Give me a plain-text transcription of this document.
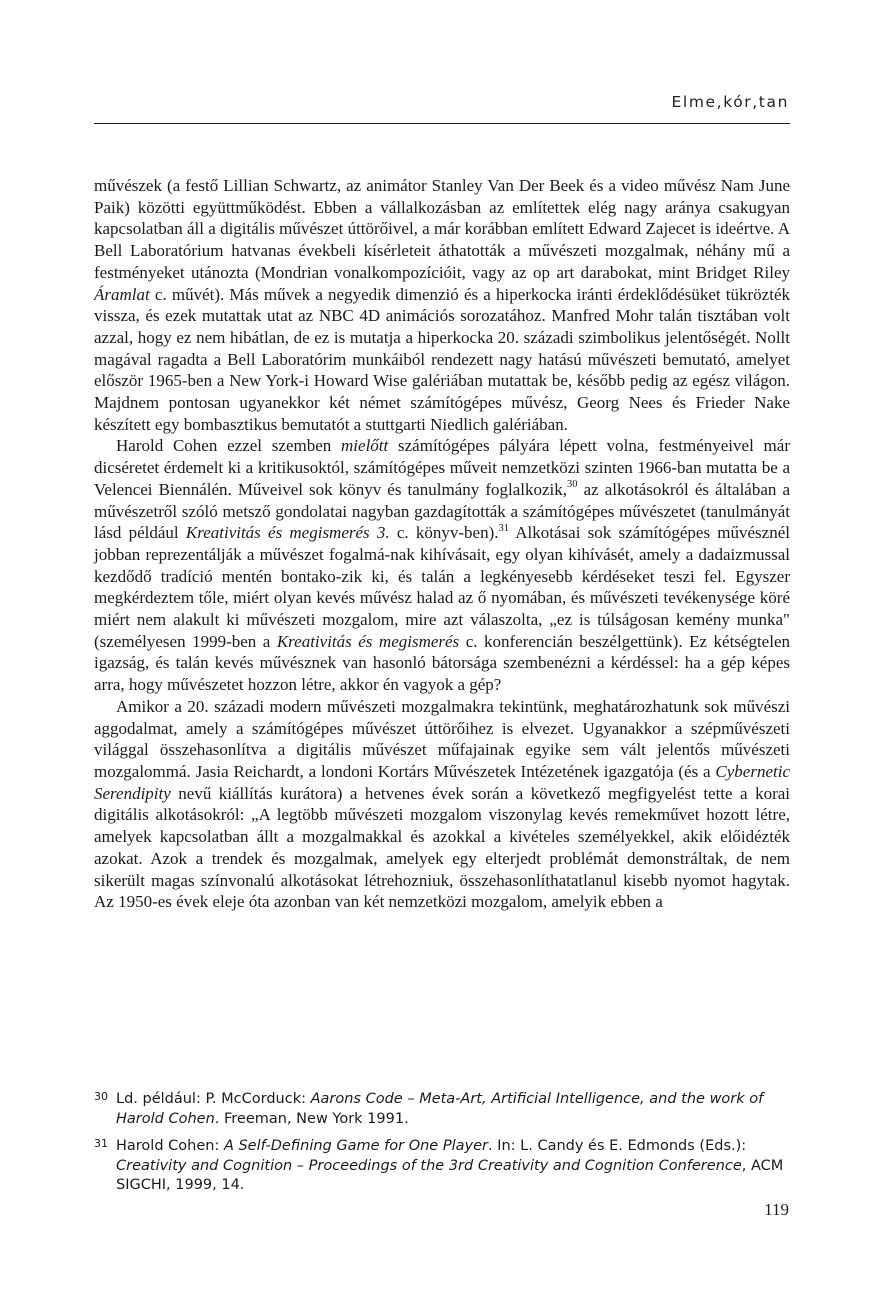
Elme,kór,tan

művészek (a festő Lillian Schwartz, az animátor Stanley Van Der Beek és a video művész Nam June Paik) közötti együttműködést. Ebben a vállalkozásban az említettek elég nagy aránya csakugyan kapcsolatban áll a digitális művészet úttörőivel, a már korábban említett Edward Zajecet is ideértve. A Bell Laboratórium hatvanas évekbeli kísérleteit áthatották a művészeti mozgalmak, néhány mű a festményeket utánozta (Mondrian vonalkompozícióit, vagy az op art darabokat, mint Bridget Riley Áramlat c. művét). Más művek a negyedik dimenzió és a hiperkocka iránti érdeklődésüket tükrözték vissza, és ezek mutattak utat az NBC 4D animációs sorozatához. Manfred Mohr talán tisztában volt azzal, hogy ez nem hibátlan, de ez is mutatja a hiperkocka 20. századi szimbolikus jelentőségét. Nollt magával ragadta a Bell Laboratórim munkáiból rendezett nagy hatású művészeti bemutató, amelyet először 1965-ben a New York-i Howard Wise galériában mutattak be, később pedig az egész világon. Majdnem pontosan ugyanekkor két német számítógépes művész, Georg Nees és Frieder Nake készített egy bombasztikus bemutatót a stuttgarti Niedlich galériában.

Harold Cohen ezzel szemben mielőtt számítógépes pályára lépett volna, festményeivel már dicséretet érdemelt ki a kritikusoktól, számítógépes műveit nemzetközi szinten 1966-ban mutatta be a Velencei Biennálén. Műveivel sok könyv és tanulmány foglalkozik,$^{30}$ az alkotásokról és általában a művészetről szóló metsző gondolatai nagyban gazdagították a számítógépes művészetet (tanulmányát lásd például Kreativitás és megismerés 3. c. könyv-ben).$^{31}$ Alkotásai sok számítógépes művésznél jobban reprezentálják a művészet fogalmá-nak kihívásait, egy olyan kihívásét, amely a dadaizmussal kezdődő tradíció mentén bontako-zik ki, és talán a legkényesebb kérdéseket teszi fel. Egyszer megkérdeztem tőle, miért olyan kevés művész halad az ő nyomában, és művészeti tevékenysége köré miért nem alakult ki művészeti mozgalom, mire azt válaszolta, „ez is túlságosan kemény munka" (személyesen 1999-ben a Kreativitás és megismerés c. konferencián beszélgettünk). Ez kétségtelen igazság, és talán kevés művésznek van hasonló bátorsága szembenézni a kérdéssel: ha a gép képes arra, hogy művészetet hozzon létre, akkor én vagyok a gép?

Amikor a 20. századi modern művészeti mozgalmakra tekintünk, meghatározhatunk sok művészi aggodalmat, amely a számítógépes művészet úttörőihez is elvezet. Ugyanakkor a szépművészeti világgal összehasonlítva a digitális művészet műfajainak egyike sem vált jelentős művészeti mozgalommá. Jasia Reichardt, a londoni Kortárs Művészetek Intézetének igazgatója (és a Cybernetic Serendipity nevű kiállítás kurátora) a hetvenes évek során a következő megfigyelést tette a korai digitális alkotásokról: „A legtöbb művészeti mozgalom viszonylag kevés remekművet hozott létre, amelyek kapcsolatban állt a mozgalmakkal és azokkal a kivételes személyekkel, akik előidézték azokat. Azok a trendek és mozgalmak, amelyek egy elterjedt problémát demonstráltak, de nem sikerült magas színvonalú alkotásokat létrehozniuk, összehasonlíthatatlanul kisebb nyomot hagytak. Az 1950-es évek eleje óta azonban van két nemzetközi mozgalom, amelyik ebben a

30 Ld. például: P. McCorduck: Aarons Code – Meta-Art, Artificial Intelligence, and the work of Harold Cohen. Freeman, New York 1991.
31 Harold Cohen: A Self-Defining Game for One Player. In: L. Candy és E. Edmonds (Eds.): Creativity and Cognition – Proceedings of the 3rd Creativity and Cognition Conference, ACM SIGCHI, 1999, 14.
119
